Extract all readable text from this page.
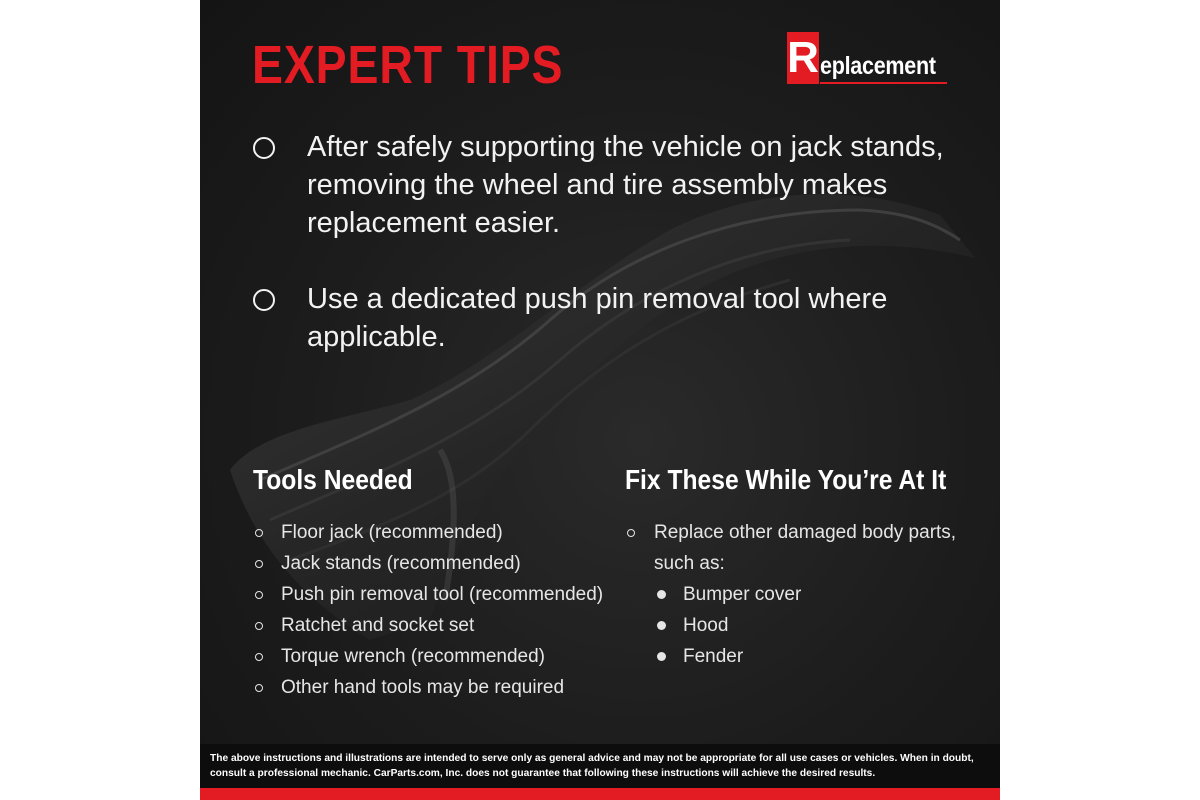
EXPERT TIPS	R eplacement
After safely supporting the vehicle on jack stands, removing the wheel and tire assembly makes replacement easier.
Use a dedicated push pin removal tool where applicable.
Tools Needed	Fix These While You’re At It
Floor jack (recommended)
Jack stands (recommended)
Push pin removal tool (recommended)
Ratchet and socket set
Torque wrench (recommended)
Other hand tools may be required
Replace other damaged body parts,
such as:
Bumper cover
Hood
Fender
The above instructions and illustrations are intended to serve only as general advice and may not be appropriate for all use cases or vehicles. When in doubt, consult a professional mechanic. CarParts.com, Inc. does not guarantee that following these instructions will achieve the desired results.
